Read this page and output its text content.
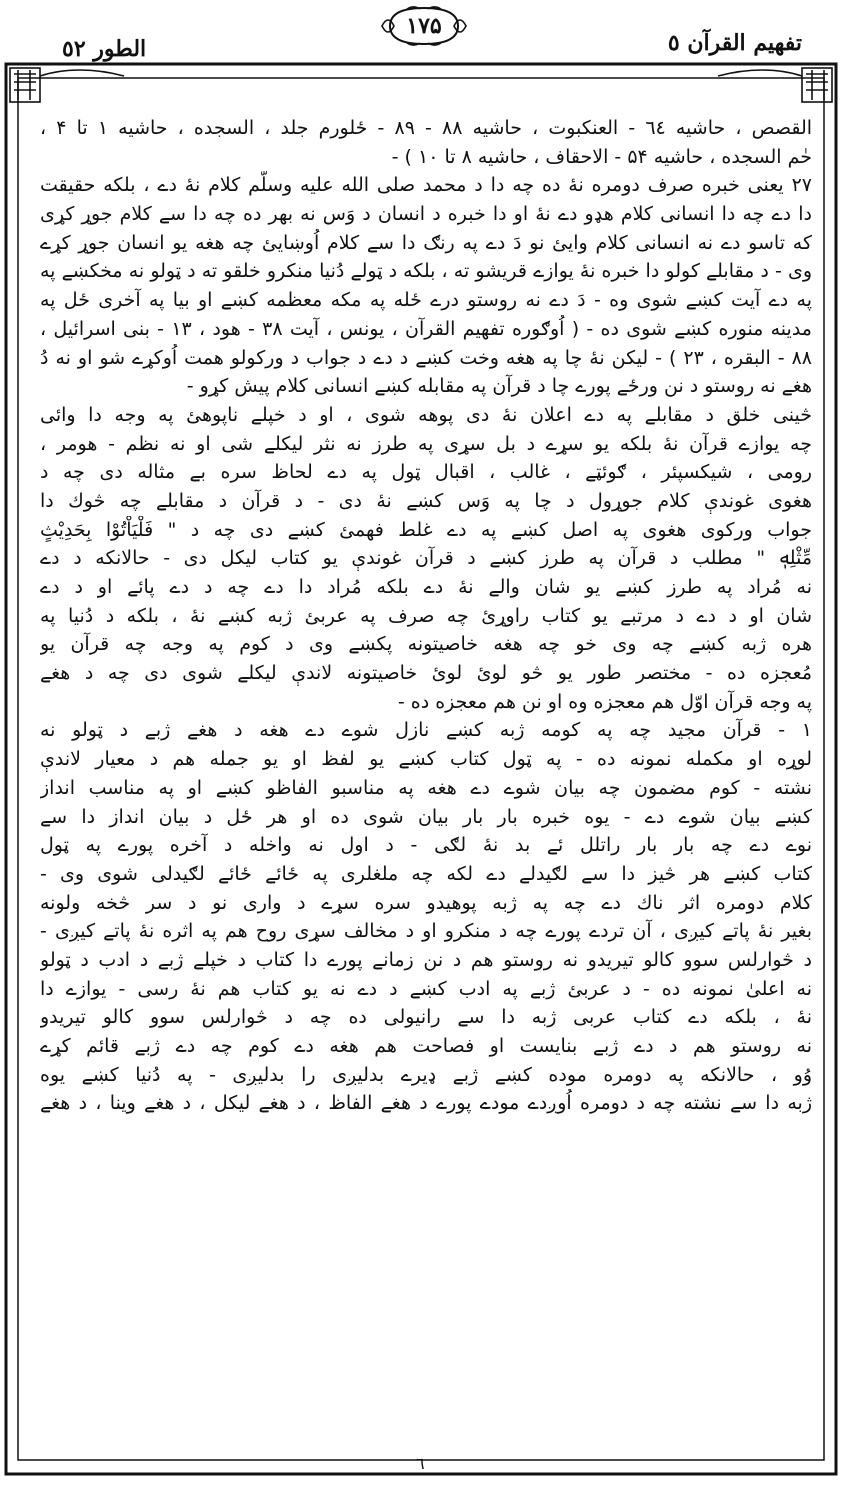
تفهيم القرآن ٥
۱۷۵
الطور ٥٢
القصص ، حاشيه ٦٤ - العنكبوت ، حاشيه ۸۸ - ۸۹ - ځلورم جلد ، السجده ، حاشيه ۱ تا ۴ ،
حٰم السجده ، حاشيه ۵۴ - الاحقاف ، حاشيه ۸ تا ۱۰ ) -
۲۷ يعنى خبره صرف دومره نۀ ده چه دا د محمد صلى الله عليه وسلّم كلام نۀ دے ، بلكه حقيقت
دا دے چه دا انسانى كلام هډو دے نۀ او دا خبره د انسان د وَس نه بهر ده چه دا سے كلام جوړ كړى
كه تاسو دے نه انسانى كلام وايئ نو دَ دے په رنګ دا سے كلام اُوښايئ چه هغه يو انسان جوړ كړے
وى - د مقابلے كولو دا خبره نۀ يوازے قريشو ته ، بلكه د ټولے دُنيا منكرو خلقو ته د ټولو نه مخكښے په
په دے آيت كښے شوى وه - دَ دے نه روستو درے ځله په مكه معظمه كښے او بيا په آخرى ځل په
مدينه منوره كښے شوى ده - ( اُوګوره تفهيم القرآن ، يونس ، آيت ۳۸ - هود ، ۱۳ - بنى اسرائيل ،
۸۸ - البقره ، ۲۳ ) - ليكن نۀ چا په هغه وخت كښے د دے د جواب د وركولو همت اُوكړے شو او نه دُ
هغے نه روستو د نن ورځے پورے چا د قرآن په مقابله كښے انسانى كلام پيش كړو -
څينى خلق د مقابلے په دے اعلان نۀ دى پوهه شوى ، او د خپلے ناپوهئ په وجه دا وائى
چه يوازے قرآن نۀ بلكه يو سړے د بل سړى په طرز نه نثر ليكلے شى او نه نظم - هومر ،
رومى ، شيكسپئر ، ګوئټے ، غالب ، اقبال ټول په دے لحاظ سره بے مثاله دى چه د
هغوى غوندې كلام جوړول د چا په وَس كښے نۀ دى - د قرآن د مقابلے چه څوك دا
جواب وركوى هغوى په اصل كښے په دے غلط فهمئ كښے دى چه د " فَلْيَاْتُوْا بِحَدِيْثٍ
مِّثْلِهٖ " مطلب د قرآن په طرز كښے د قرآن غوندې يو كتاب ليكل دى - حالانكه د دے
نه مُراد په طرز كښے يو شان والے نۀ دے بلكه مُراد دا دے چه د دے پائے او د دے
شان او د دے د مرتبے يو كتاب راوړئ چه صرف په عربئ ژبه كښے نۀ ، بلكه د دُنيا په
هره ژبه كښے چه وى خو چه هغه خاصيتونه پكښے وى د كوم په وجه چه قرآن يو
مُعجزه ده - مختصر طور يو څو لوئ لوئ خاصيتونه لاندې ليكلے شوى دى چه د هغے
په وجه قرآن اوّل هم معجزه وه او نن هم معجزه ده -
۱ - قرآن مجيد چه په كومه ژبه كښے نازل شوے دے هغه د هغے ژبے د ټولو نه
لوړه او مكمله نمونه ده - په ټول كتاب كښے يو لفظ او يو جمله هم د معيار لاندې
نشته - كوم مضمون چه بيان شوے دے هغه په مناسبو الفاظو كښے او په مناسب انداز
كښے بيان شوے دے - يوه خبره بار بار بيان شوى ده او هر ځل د بيان انداز دا سے
نوے دے چه بار بار راتلل ئے بد نۀ لګى - د اول نه واخله د آخره پورے په ټول
كتاب كښے هر څيز دا سے لګيدلے دے لكه چه ملغلرى په ځائے ځائے لګيدلى شوى وى -
كلام دومره اثر ناك دے چه په ژبه پوهيدو سره سړے د وارى نو د سر څخه ولونه
بغير نۀ پاتے كيږى ، آن تردے پورے چه د منكرو او د مخالف سړى روح هم په اثره نۀ پاتے كيږى -
د څوارلس سوو كالو تيريدو نه روستو هم د نن زمانے پورے دا كتاب د خپلے ژبے د ادب د ټولو
نه اعلىٰ نمونه ده - د عربئ ژبے په ادب كښے د دے نه يو كتاب هم نۀ رسى - يوازے دا
نۀ ، بلكه دے كتاب عربى ژبه دا سے رانيولى ده چه د څوارلس سوو كالو تيريدو
نه روستو هم د دے ژبے بنايست او فصاحت هم هغه دے كوم چه دے ژبے قائم كړے
وُو ، حالانكه په دومره موده كښے ژبے ډيرے بدليږى را بدليږى - په دُنيا كښے يوه
ژبه دا سے نشته چه د دومره اُوږدے مودے پورے د هغے الفاظ ، د هغے ليكل ، د هغے وينا ، د هغے
٦
